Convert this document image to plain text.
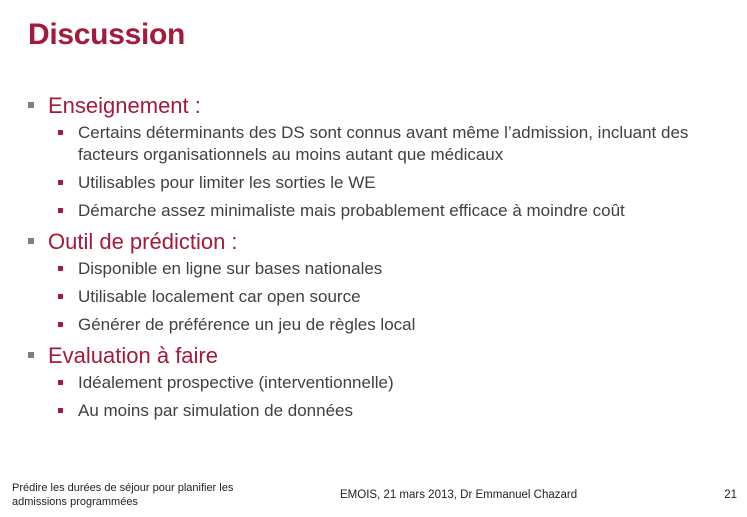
Discussion
Enseignement :
Certains déterminants des DS sont connus avant même l’admission, incluant des facteurs organisationnels au moins autant que médicaux
Utilisables pour limiter les sorties le WE
Démarche assez minimaliste mais probablement efficace à moindre coût
Outil de prédiction :
Disponible en ligne sur bases nationales
Utilisable localement car open source
Générer de préférence un jeu de règles local
Evaluation à faire
Idéalement prospective (interventionnelle)
Au moins par simulation de données
Prédire les durées de séjour pour planifier les admissions programmées
EMOIS, 21 mars 2013, Dr Emmanuel Chazard	21
